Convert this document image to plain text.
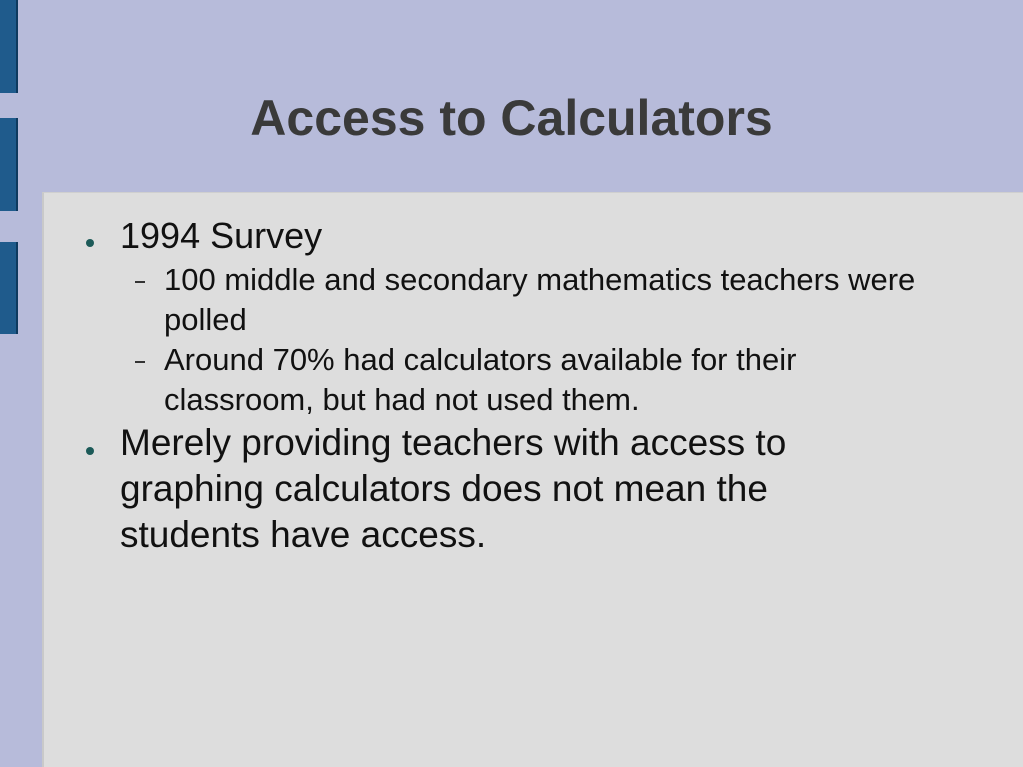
Access to Calculators
1994 Survey
100 middle and secondary mathematics teachers were polled
Around 70% had calculators available for their classroom, but had not used them.
Merely providing teachers with access to graphing calculators does not mean the students have access.
